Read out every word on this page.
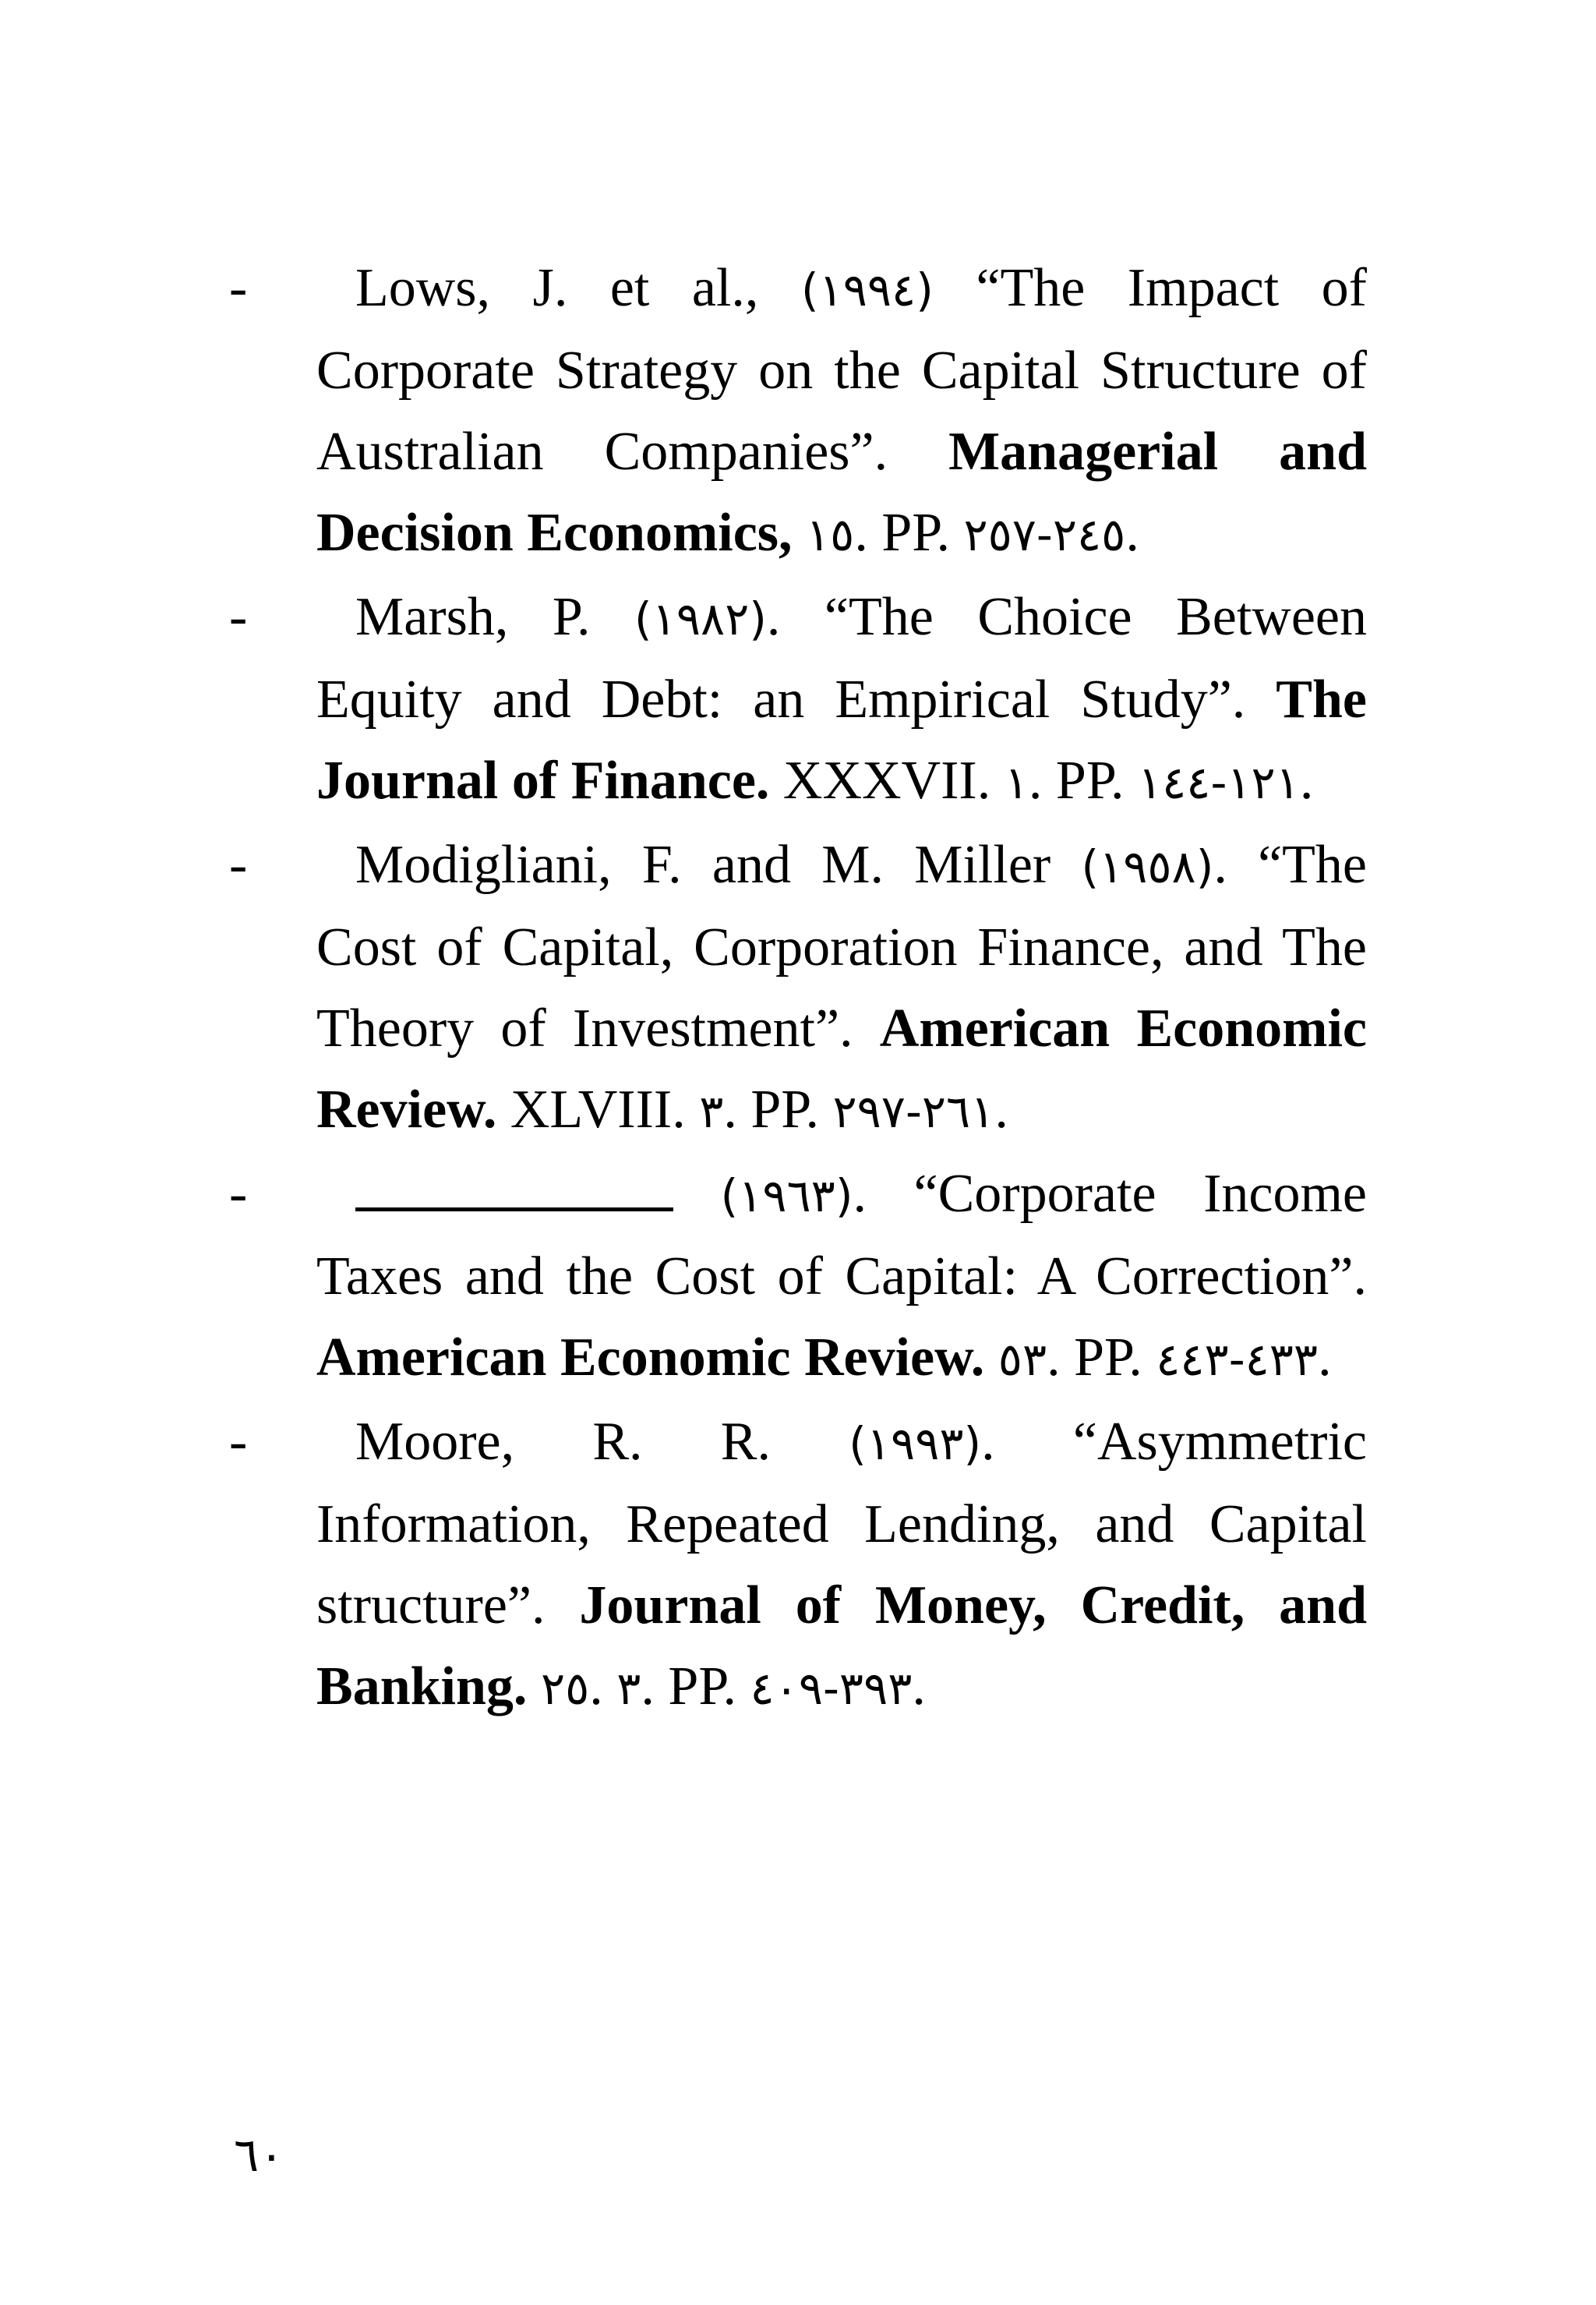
-	Lows, J. et al., (١٩٩٤) “The Impact of Corporate Strategy on the Capital Structure of Australian Companies”. Managerial and Decision Economics, ١٥. PP. ٢٤٥-٢٥٧.
-	Marsh, P. (١٩٨٢). “The Choice Between Equity and Debt: an Empirical Study”. The Journal of Finance. XXXVII. ١. PP. ١٢١-١٤٤.
-	Modigliani, F. and M. Miller (١٩٥٨). “The Cost of Capital, Corporation Finance, and The Theory of Investment”. American Economic Review. XLVIII. ٣. PP. ٢٦١-٢٩٧.
-	(١٩٦٣). “Corporate Income Taxes and the Cost of Capital: A Correction”. American Economic Review. ٥٣. PP. ٤٣٣-٤٤٣.
-	Moore, R. R. (١٩٩٣). “Asymmetric Information, Repeated Lending, and Capital structure”. Journal of Money, Credit, and Banking. ٢٥. ٣. PP. ٣٩٣-٤٠٩.
٦٠
